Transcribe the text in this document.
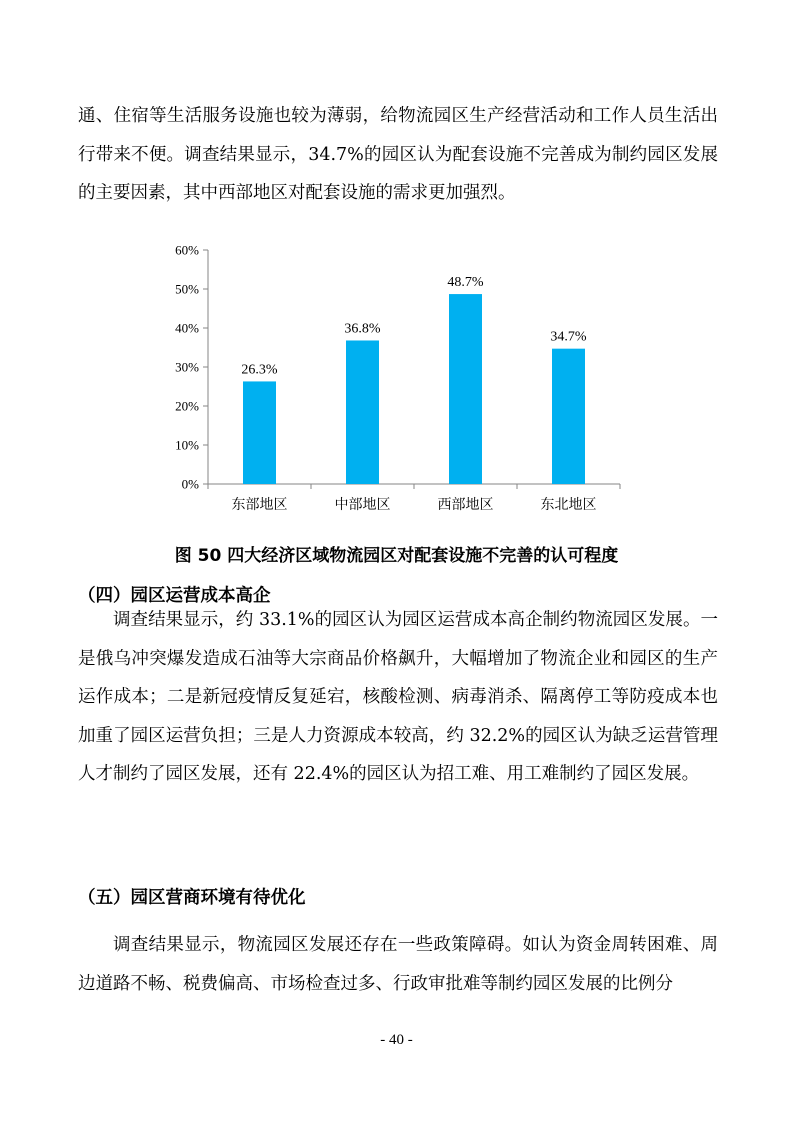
通、住宿等生活服务设施也较为薄弱，给物流园区生产经营活动和工作人员生活出行带来不便。调查结果显示，34.7%的园区认为配套设施不完善成为制约园区发展的主要因素，其中西部地区对配套设施的需求更加强烈。

0%
10%
20%
30%
40%
50%
60%
26.3%
东部地区
36.8%
中部地区
48.7%
西部地区
34.7%
东北地区

图 50 四大经济区域物流园区对配套设施不完善的认可程度

（四）园区运营成本高企

调查结果显示，约 33.1%的园区认为园区运营成本高企制约物流园区发展。一是俄乌冲突爆发造成石油等大宗商品价格飙升，大幅增加了物流企业和园区的生产运作成本；二是新冠疫情反复延宕，核酸检测、病毒消杀、隔离停工等防疫成本也加重了园区运营负担；三是人力资源成本较高，约 32.2%的园区认为缺乏运营管理人才制约了园区发展，还有 22.4%的园区认为招工难、用工难制约了园区发展。

（五）园区营商环境有待优化

调查结果显示，物流园区发展还存在一些政策障碍。如认为资金周转困难、周边道路不畅、税费偏高、市场检查过多、行政审批难等制约园区发展的比例分

- 40 -
